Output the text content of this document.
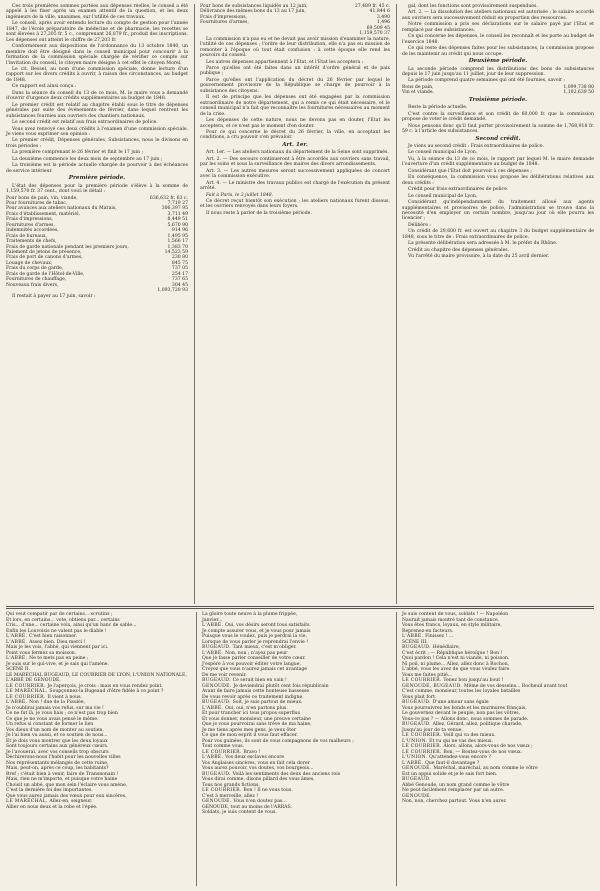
Ces trois premières sommes portées aux dépenses réelles, le conseil a été appelé à les fixer après un examen attentif de la question, et les deux ingénieurs de la ville, unanimes, sur l'utilité de ces travaux.

Le conseil, après avoir entendu lecture du compte de gestion pour l'année 1847, de l'école préparatoire de médecine et de pharmacie, les recettes se sont élevées à 27,205 fr. 5 c., comprenant 26,879 fr., produit des inscriptions. Les dépenses ont atteint le chiffre de 27,203 fr.

Conformément aux dispositions de l'ordonnance du 13 octobre 1840, un membre doit être désigné dans le conseil municipal pour concourir à la formation de la commission spéciale chargée de vérifier ce compte sur l'invitation du conseil, le citoyen maire désigne à cet effet le citoyen Morel.

Le cit. Bessel, au nom d'une commission spéciale, donne lecture d'un rapport sur les divers crédits à ouvrir, à raison des circonstances, au budget de 1848.

Ce rapport est ainsi conçu :

Dans la séance du conseil du 13 de ce mois, M. le maire vous a demandé d'ouvrir d'urgence deux crédits supplémentaires au budget de 1848.

Le premier crédit est relatif au chapitre établi sous le titre de dépenses générales par suite des événements de février, dans lequel rentrent les subsistances fournies aux ouvriers des chantiers nationaux.

Le second crédit est relatif aux frais extraordinaires de police.

Vous avez renvoyé ces deux crédits à l'examen d'une commission spéciale. Je viens vous exprimer son opinion :

Le premier crédit, Dépenses générales, Subsistances, nous le divisons en trois périodes :

La première comprenant le 26 février et finit le 17 juin ;

La deuxième commence les deux mois de septembre au 17 juin ;

La troisième est la période actuelle chargée de pourvoir à des échéances de service intérieur.

Première période.

L'état des dépenses pour la première période s'élève à la somme de 1,159,570 fr. 37 cent., dont voici le détail :

Pour bons de pain, vin, viande,	636,632 fr. 63 c.
Pour fournitures de tabac,	7,719 27
Pour avances aux ateliers nationaux du Marais,	306,397 95
Frais d'établissement, matériel,	3,711 49
Frais d'impressions,	8,449 51
Fournitures d'armes,	5,670 90
Indemnités accordées,	914 96
Frais de bureaux,	1,495 95
Traitements de chefs,	1,566 17
Frais de garde nationale pendant les premiers jours,	1,383 70
Paiement de jetons de présence,	14,523 59
Frais de port de canons d'armes,	230 80
Louage de chevaux,	845 75
Frais du corps de garde,	737 05
Frais de garde de l'Hôtel-de-Ville,	254 17
Fournitures de chauffage,	737 65
Nouveaux frais divers,	304 45
1,093,720 93

Il restait à payer au 17 juin, savoir :

Pour bons de subsistances liquidés au 12 juin,	27,489 fr. 45 c.
Délivrance des mêmes bons du 13 au 17 juin,	41,844 6
Frais d'impressions,	3,490
Fournitures d'armes,	1,496
69,509 45
1,159,570 37

La commission n'a pas eu et ne devait pas avoir mission d'examiner la nature, l'utilité de ces dépenses ; l'ordre de leur distribution, elle n'a pas eu mission de remonter à l'époque où tout était confusion : à cette époque elle rend les pouvoirs du conseil.

Les autres dépenses appartiennent à l'Etat, et l'Etat les acceptera :

Parce qu'elles ont été faites dans un intérêt d'ordre général et de paix publique ;

Parce qu'elles ont l'application du décret du 26 février par lequel le gouvernement provisoire de la République se charge de pourvoir à la subsistance des citoyens.

Il est de principe que les dépenses ont été engagées par la commission extraordinaire de notre département, qui a remis ce qui était nécessaire, et le conseil municipal n'a fait que reconnaître les fournitures nécessaires au moment de la crise.

Les dépenses de cette nature, nous ne devons pas en douter, l'Etat les acceptera, et ce n'est pas le moment d'en douter.

Pour ce qui concerne le décret du 26 février, la ville, en acceptant les conditions, a cru pouvoir s'en prévaloir.

Art. 1er.

Art. 1er. — Les ateliers nationaux du département de la Seine sont supprimés.

Art. 2. — Des secours continueront à être accordés aux ouvriers sans travail, par les soins et sous la surveillance des maires des divers arrondissements.

Art. 3. — Les autres mesures seront successivement appliquées de concert avec la commission exécutive.

Art. 4. — Le ministre des travaux publics est chargé de l'exécution du présent arrêté.

Fait à Paris, le 3 juillet 1848.

Ce décret reçut bientôt son exécution ; les ateliers nationaux furent dissous, et les ouvriers renvoyés dans leurs foyers.

Il nous reste à parler de la troisième période.

gal, dont les fonctions sont provisoirement suspendues.

Art. 2. — La dissolution des ateliers nationaux est autorisée ; le salaire accordé aux ouvriers sera successivement réduit en proportion des ressources.

Notre commission a pris ses déclarations sur le salaire payé par l'Etat et remplacé par des subsistances.

Ce qui concerne les dépenses, le conseil les reconnaît et les porte au budget de l'exercice 1848.

Ce qui reste des dépenses faites pour les subsistances, la commission propose de les maintenir au crédit qui nous occupe.

Deuxième période.

La seconde période comprend les distributions des bons de subsistances depuis le 17 juin jusqu'au 11 juillet, jour de leur suppression.

La période comprend quatre semaines qui ont été fournies, savoir :

Bons de pain,	1,099,738 80
Vin et viande,	1,102,639 50
Troisième période.

Reste la période actuelle.

C'est contre la surveillance et son crédit de 60,000 fr. que la commission propose de voter le crédit demandé.

Nous pensons donc qu'il faut porter provisoirement la somme de 1,768,918 fr. 59 c. à l'article des subsistances.

Second crédit.

Je viens au second crédit : Frais extraordinaires de police.

Le conseil municipal de Lyon,

Vu, à la séance du 13 de ce mois, le rapport par lequel M. le maire demande l'ouverture d'un crédit supplémentaire au budget de 1848.

Considérant que l'Etat doit pourvoir à ces dépenses ;

En conséquence, la commission vous propose les délibérations relatives aux deux crédits :

Crédit pour frais extraordinaires de police.

Le conseil municipal de Lyon,

Considérant qu'indépendamment du traitement alloué aux agents supplémentaires et provisoires de police, l'administration se trouve dans la nécessité d'en employer un certain nombre, jusqu'au jour où elle pourra les licencier ;

Délibère :

Un crédit de 29,600 fr. est ouvert au chapitre 3 du budget supplémentaire de 1848, sous le titre de : Frais extraordinaires de police.

La présente délibération sera adressée à M. le préfet du Rhône.

Crédit au chapitre des dépenses générales.

Vu l'arrêté du maire provisoire, à la date du 25 avril dernier.

Qui veut compatir par de certains... scrutins ;

Et lors, en certains... vote, obtiens par... certains

Cris... d'une... certaine voix, ainsi qu'un banc de sable...

Enfin les Louvoisis ne valent pas le diable !

L'ABBÉ. C'est bien raisonner.

L'ABBÉ. Assez bien. Dieu merci !

Mais je les vois, l'abbé, qui viennent par ici.

Point vous fermez sa moisson.

L'ABBÉ. Ne te mets pas en peine ;

Je suis sur le qui-vive, et je sais qui l'amène.

SCÈNE II.

LE MARÉCHAL BUGEAUD, LE COURRIER DE LYON, L'UNION NATIONALE, L'ABBÉ DE GENOUDE.

LE COURRIER. Je l'aperçois, je crois : mais en vous rendez point.

LE MARÉCHAL. Soupçonnez-la Bugeaud d'être fidèle à ce point ?

LE COURRIER. Il vient à nous.

L'ABBÉ. Non ! due de la Piaulée,

Je n'oublirai jamais vos refus, sur ma vie !

Ce ne fut là, je vous hais ; ce n'est pas trop bien

Ce que je ne vous avais pensé le même.

Un refus si constant de former le lien

Vos dieux d'un nom de monter au soutien.

Je l'ai bien vu aussi, et ce soutien de nous...

Et je dois vous montrer que les deux loyaux

Sont toujours certains aux généreux cœurs.

Je l'avouerai, avec vos conseils trop obscurs

Déchirerons-nous l'habit pour les nouvelles villes

Nos représentants mélangés de cette ruine,

Mais, peut-on, après ce coup, les habitants?

Bref ; c'était bien à venir, faire de Transnonain !

Mais, rien ne m'importe, et puisque votre haine

Choisit un abbé, que mon sein l'éclaire vous amène,

C'est la dernière foi des importantes.

Que vous aurez jamais des vœux pour eux sincères.

LE MARÉCHAL. Allez-en, seigneur.

Allier en nous deux et la robe et l'épée.

La gloire toute neuve à la plume frippée,

Janvier...

L'ABBÉ. Oui, vos désirs seront tous satisfaits.

Je compte assurer vous, et je vous pour jamais

Puisque vous le voulez, puis je perdrai la vie,

Lorsque de vous parler je reprendrai l'envie !

BUGEAUD. Tant mieux, c'est m'obliger.

L'ABBÉ. Non, non ; n'ayez pas peur

Que je fasse parler conseiller de votre cœur.

J'espère à vos pouvoir éditer votre langue,

Croyez que vous n'aurez jamais cet avantage

De me voir revenir.

BUGEAUD. Ce serait bien en vain !

GENOUDE. Je deviendrai plutôt cent fois républicain

Avant de faire jamais cette honteuse bassesse

De vous revoir après ce traitement indigne.

BUGEAUD. Soit, je suis partout de mieux.

L'ABBÉ. Oui, oui, n'en parlons plus.

Et pour trancher ici tous propos superflus

Et vous donner, monsieur, une preuve certaine

Que je vous pourvoirai sans trêve de ma haine,

Je me tiens après mes gens, je veux ôter

Ce que de mon esprit il vous faut effacer.

Pour vos guinées, ils sont de vous compagnons de vos malheurs ;

Tout comme vous.

LE COURRIER. Bravo !

L'ABBÉ. Vos deux esclaves encore

Vos Anglaises sincères, vous en fait cela dorer

Vous aurez pouvoir, vos doutes, vos bourgeois...

BUGEAUD. Voilà les sentiments des deux des anciens rois

Vous dirai comme, disons pillard des vous âmes,

Tous nos grands fictions.

LE COURRIER. Bon ! Il ne vous tous.

C'est à merveille, allez !

GENOUDE. Vous n'en doutez pas...

GENOUDE, tout au moins de l'ARRAS.

Soldats, je suis content de vous.

Je suis content de vous, soldats ! — Napoléon

Naurait jamais montré tant de constance.

Vous êtes francs, loyaux, en style militaire,

Reprenez-en facteurs.

L'ABBÉ. Finissez ! ...

SCÈNE III.

BUGEAUD. Hénédiaire,

C'est écrit ; — République héroïque ! Bon !

Quoi pardon ! Cela n'est ni viande, ni poisson.

Ni poil, ni plume... Allez, allez donc à Rochon,

L'abbé, vous les avez de que vous voulez faire.

Vous me faites pitié...

LE COURRIER. Tenez bon jusqu'au bout !

GENOUDE, BUGEAUD. Même de vos desseins... Rocheuil avant tout

C'est comme, monsieur, toutes les loyales batailles

Vous plait fort.

BUGEAUD. D'une amour sans égale

Vous poursuivrez les bonds et les murmures français,

Le gouvernez devant le peuple, non pas les vôtres,

Vous-ce pas ? — Allons donc, nous sommes de parade.

BUGEAUD. Allez, Gérard, allez, politique charade,

Jusqu'au jour de ta venue.

LE COURRIER. Veill qui va des mieux.

L'UNION. Et vu qui ne vas des mieux.

LE COURRIER. Alors, allons, alors-vous de nos vœux ;

LE COURRIER. Bon, — Boutez-vous de nos vœux.

L'UNION. Qu'attendez-vous encore ?

L'ABBÉ. Que faut-il davantage ?

GENOUDE. Maréchal, maréchal, au nom comme le vôtre

Est un appui solide et je le sais fort bien.

BUGEAUD.

Abbé Genoude, un nom grand comme le vôtre

Ne peut facilement remplacer par un autre.

GENOUDE.

Non, non, cherchez partout. Vous n'en aurez
